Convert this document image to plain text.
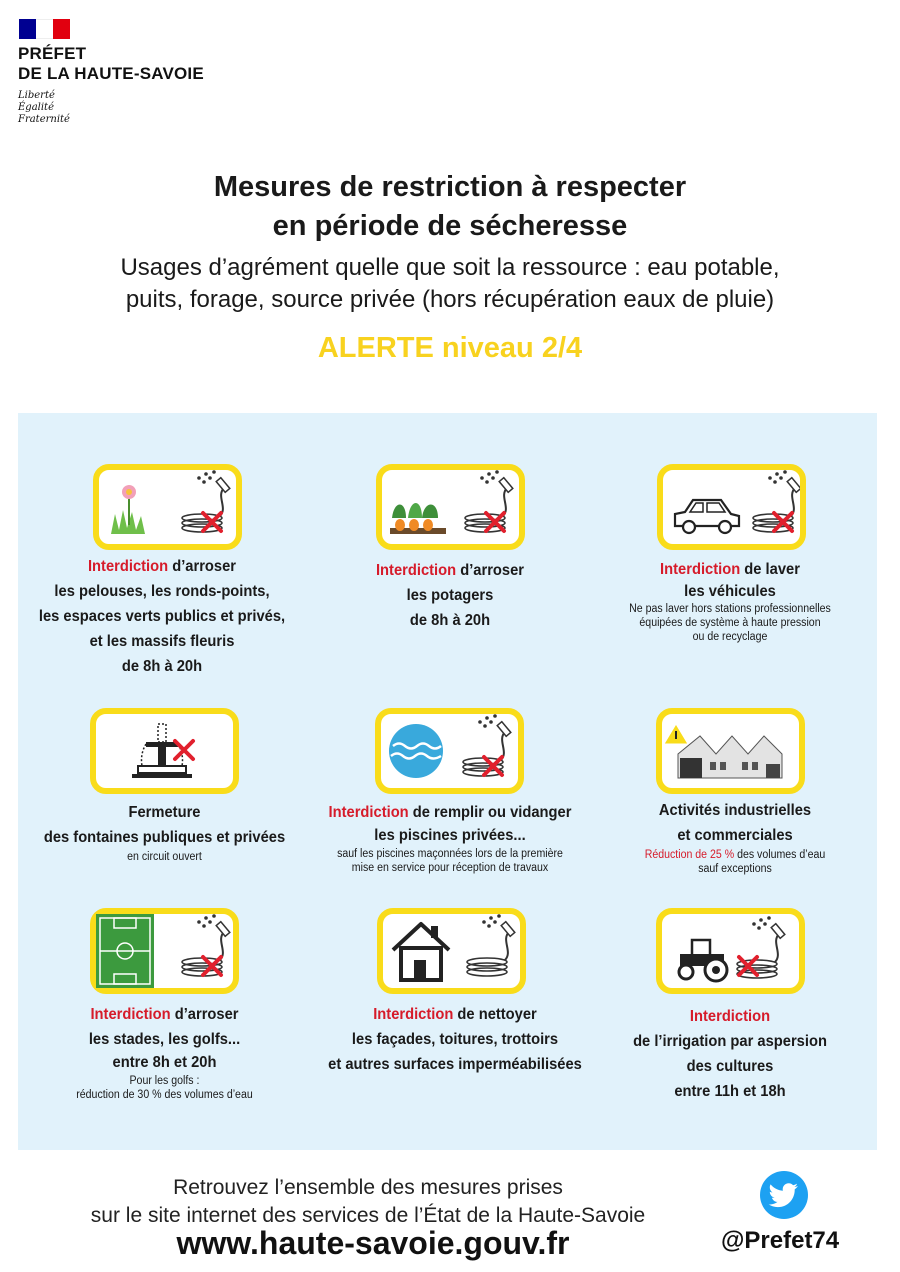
PRÉFET
DE LA HAUTE-SAVOIE
Liberté
Égalité
Fraternité
Mesures de restriction à respecter
en période de sécheresse
Usages d’agrément quelle que soit la ressource : eau potable,
puits, forage, source privée (hors récupération eaux de pluie)
ALERTE niveau 2/4
Interdiction d’arroser
les pelouses, les ronds-points,
les espaces verts publics et privés,
et les massifs fleuris
de 8h à 20h
Interdiction d’arroser
les potagers
de 8h à 20h
Interdiction de laver
les véhicules
Ne pas laver hors stations professionnelles
équipées de système à haute pression
ou de recyclage
Fermeture
des fontaines publiques et privées
en circuit ouvert
Interdiction de remplir ou vidanger
les piscines privées...
sauf les piscines maçonnées lors de la première
mise en service pour réception de travaux
Activités industrielles
et commerciales
Réduction de 25 % des volumes d’eau
sauf exceptions
Interdiction d’arroser
les stades, les golfs...
entre 8h et 20h
Pour les golfs :
réduction de 30 % des volumes d’eau
Interdiction de nettoyer
les façades, toitures, trottoirs
et autres surfaces imperméabilisées
Interdiction
de l’irrigation par aspersion
des cultures
entre 11h et 18h
Retrouvez l’ensemble des mesures prises
sur le site internet des services de l’État de la Haute-Savoie
www.haute-savoie.gouv.fr	@Prefet74
